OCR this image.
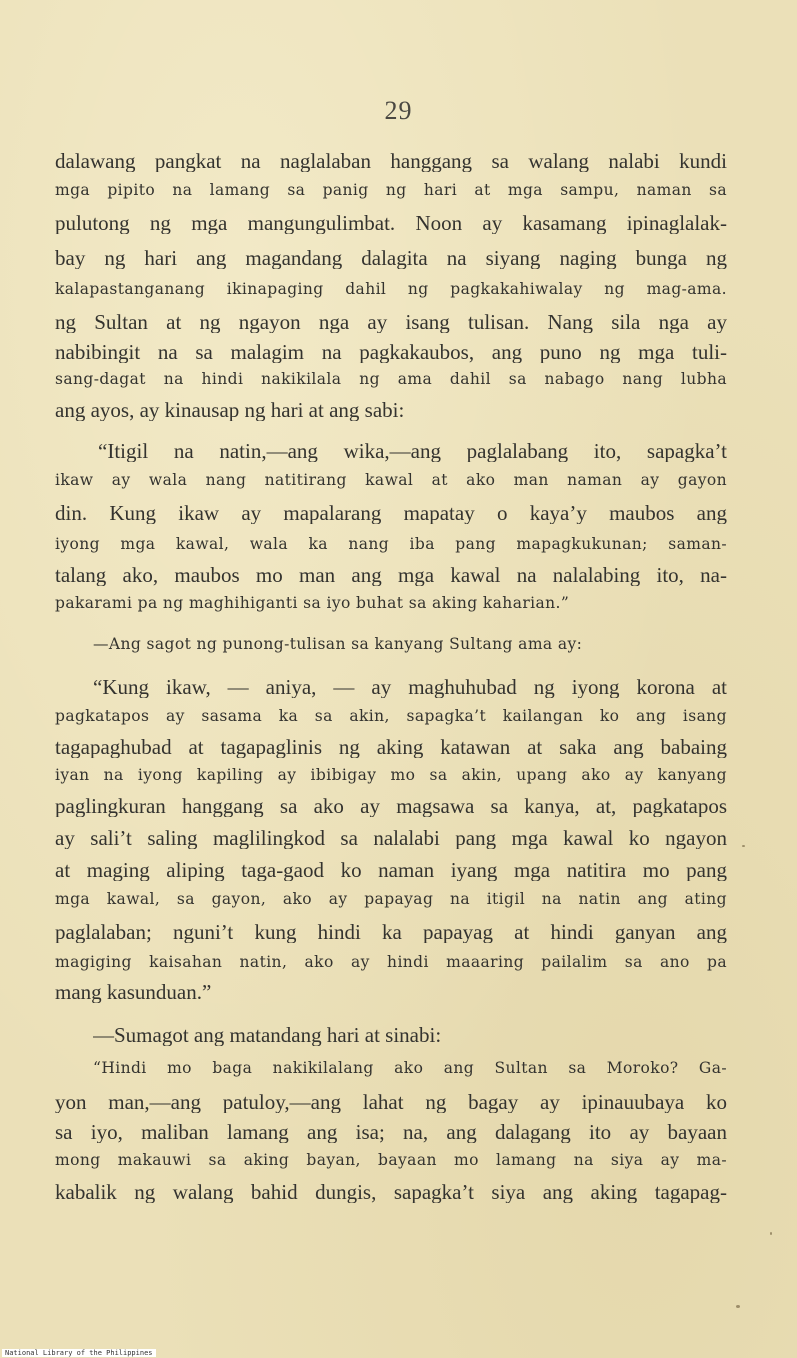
29
dalawang pangkat na naglalaban hanggang sa walang nalabi kundi
mga pipito na lamang sa panig ng hari at mga sampu, naman sa
pulutong ng mga mangungulimbat. Noon ay kasamang ipinaglalak-
bay ng hari ang magandang dalagita na siyang naging bunga ng
kalapastanganang ikinapaging dahil ng pagkakahiwalay ng mag-ama.
ng Sultan at ng ngayon nga ay isang tulisan. Nang sila nga ay
nabibingit na sa malagim na pagkakaubos, ang puno ng mga tuli-
sang-dagat na hindi nakikilala ng ama dahil sa nabago nang lubha
ang ayos, ay kinausap ng hari at ang sabi:
“Itigil na natin,—ang wika,—ang paglalabang ito, sapagka’t
ikaw ay wala nang natitirang kawal at ako man naman ay gayon
din. Kung ikaw ay mapalarang mapatay o kaya’y maubos ang
iyong mga kawal, wala ka nang iba pang mapagkukunan; saman-
talang ako, maubos mo man ang mga kawal na nalalabing ito, na-
pakarami pa ng maghihiganti sa iyo buhat sa aking kaharian.”
—Ang sagot ng punong-tulisan sa kanyang Sultang ama ay:
“Kung ikaw, — aniya, — ay maghuhubad ng iyong korona at
pagkatapos ay sasama ka sa akin, sapagka’t kailangan ko ang isang
tagapaghubad at tagapaglinis ng aking katawan at saka ang babaing
iyan na iyong kapiling ay ibibigay mo sa akin, upang ako ay kanyang
paglingkuran hanggang sa ako ay magsawa sa kanya, at, pagkatapos
ay sali’t saling maglilingkod sa nalalabi pang mga kawal ko ngayon
at maging aliping taga-gaod ko naman iyang mga natitira mo pang
mga kawal, sa gayon, ako ay papayag na itigil na natin ang ating
paglalaban; nguni’t kung hindi ka papayag at hindi ganyan ang
magiging kaisahan natin, ako ay hindi maaaring pailalim sa ano pa
mang kasunduan.”
—Sumagot ang matandang hari at sinabi:
“Hindi mo baga nakikilalang ako ang Sultan sa Moroko? Ga-
yon man,—ang patuloy,—ang lahat ng bagay ay ipinauubaya ko
sa iyo, maliban lamang ang isa; na, ang dalagang ito ay bayaan
mong makauwi sa aking bayan, bayaan mo lamang na siya ay ma-
kabalik ng walang bahid dungis, sapagka’t siya ang aking tagapag-
National Library of the Philippines
